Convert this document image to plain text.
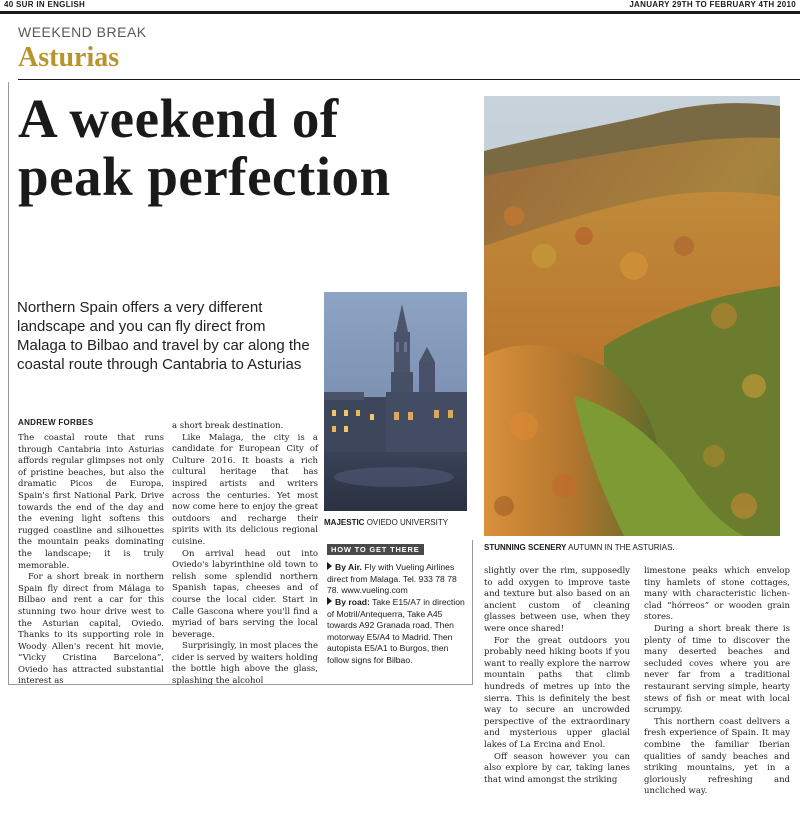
40 SUR IN ENGLISH	JANUARY 29TH TO FEBRUARY 4TH 2010
WEEKEND BREAK
Asturias
A weekend of
peak perfection
Northern Spain offers a very different landscape and you can fly direct from Malaga to Bilbao and travel by car along the coastal route through Cantabria to Asturias
ANDREW FORBES

The coastal route that runs through Cantabria into Asturias affords regular glimpses not only of pristine beaches, but also the dramatic Picos de Europa, Spain's first National Park. Drive towards the end of the day and the evening light softens this rugged coastline and silhouettes the mountain peaks dominating the landscape; it is truly memorable.

For a short break in northern Spain fly direct from Málaga to Bilbao and rent a car for this stunning two hour drive west to the Asturian capital, Oviedo. Thanks to its supporting role in Woody Allen's recent hit movie, “Vicky Cristina Barcelona”, Oviedo has attracted substantial interest as

a short break destination.

Like Malaga, the city is a candidate for European City of Culture 2016. It boasts a rich cultural heritage that has inspired artists and writers across the centuries. Yet most now come here to enjoy the great outdoors and recharge their spirits with its delicious regional cuisine.

On arrival head out into Oviedo's labyrinthine old town to relish some splendid northern Spanish tapas, cheeses and of course the local cider. Start in Calle Gascona where you'll find a myriad of bars serving the local beverage.

Surprisingly, in most places the cider is served by waiters holding the bottle high above the glass, splashing the alcohol

slightly over the rim, supposedly to add oxygen to improve taste and texture but also based on an ancient custom of cleaning glasses between use, when they were once shared!

For the great outdoors you probably need hiking boots if you want to really explore the narrow mountain paths that climb hundreds of metres up into the sierra. This is definitely the best way to secure an uncrowded perspective of the extraordinary and mysterious upper glacial lakes of La Ercina and Enol.

Off season however you can also explore by car, taking lanes that wind amongst the striking

limestone peaks which envelop tiny hamlets of stone cottages, many with characteristic lichen-clad “hórreos” or wooden grain stores.

During a short break there is plenty of time to discover the many deserted beaches and secluded coves where you are never far from a traditional restaurant serving simple, hearty stews of fish or meat with local scrumpy.

This northern coast delivers a fresh experience of Spain. It may combine the familiar Iberian qualities of sandy beaches and striking mountains, yet in a gloriously refreshing and uncliched way.

MAJESTIC OVIEDO UNIVERSITY
STUNNING SCENERY AUTUMN IN THE ASTURIAS.
HOW TO GET THERE
By Air. Fly with Vueling Airlines direct from Malaga. Tel. 933 78 78 78. www.vueling.com
By road: Take E15/A7 in direction of Motril/Antequerra, Take A45 towards A92 Granada road. Then motorway E5/A4 to Madrid. Then autopista E5/A1 to Burgos, then follow signs for Bilbao.
